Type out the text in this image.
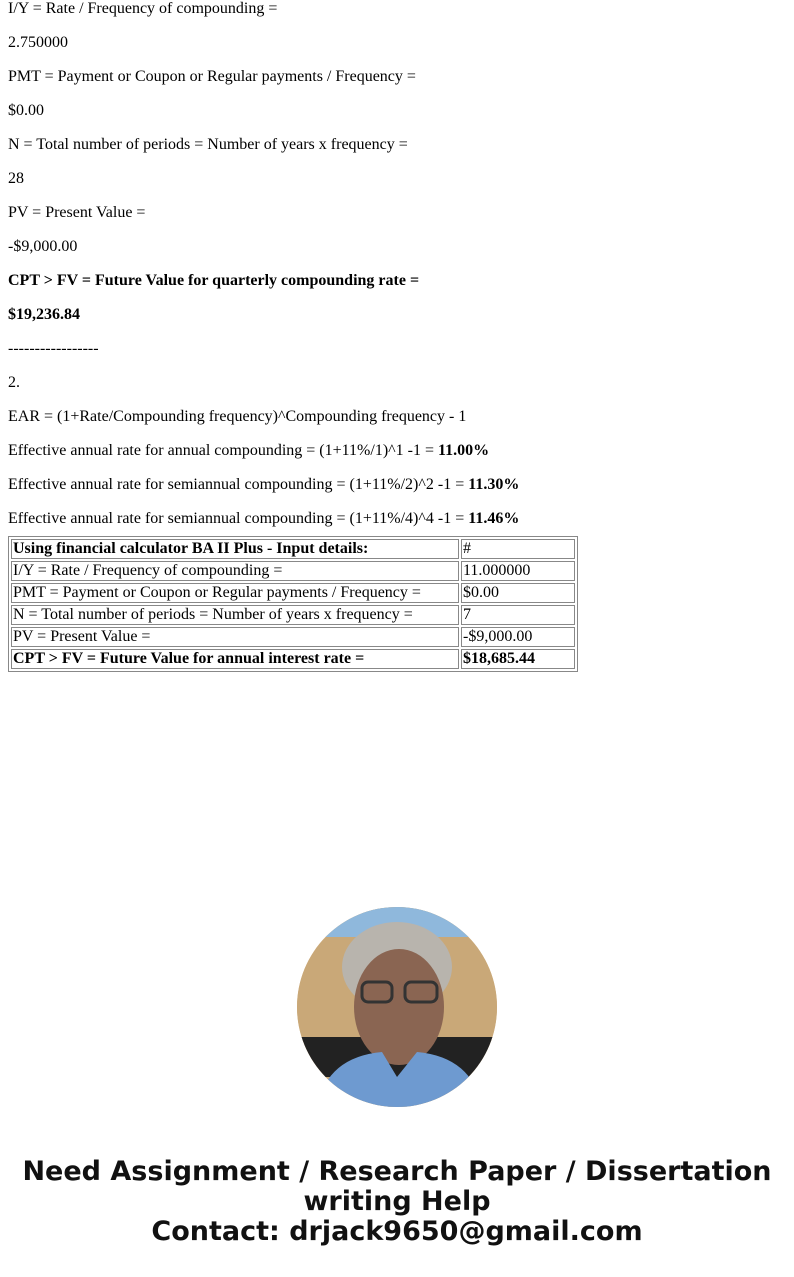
I/Y = Rate / Frequency of compounding =

2.750000

PMT = Payment or Coupon or Regular payments / Frequency =

$0.00

N = Total number of periods = Number of years x frequency =

28

PV = Present Value =

-$9,000.00

CPT > FV = Future Value for quarterly compounding rate =

$19,236.84

-----------------

2.

EAR = (1+Rate/Compounding frequency)^Compounding frequency - 1

Effective annual rate for annual compounding = (1+11%/1)^1 -1 = 11.00%

Effective annual rate for semiannual compounding = (1+11%/2)^2 -1 = 11.30%

Effective annual rate for semiannual compounding = (1+11%/4)^4 -1 = 11.46%

Using financial calculator BA II Plus - Input details:	#
I/Y = Rate / Frequency of compounding =	11.000000
PMT = Payment or Coupon or Regular payments / Frequency =	$0.00
N = Total number of periods = Number of years x frequency =	7
PV = Present Value =	-$9,000.00
CPT > FV = Future Value for annual interest rate =	$18,685.44
Need Assignment / Research Paper / Dissertation
writing Help
Contact: drjack9650@gmail.com
